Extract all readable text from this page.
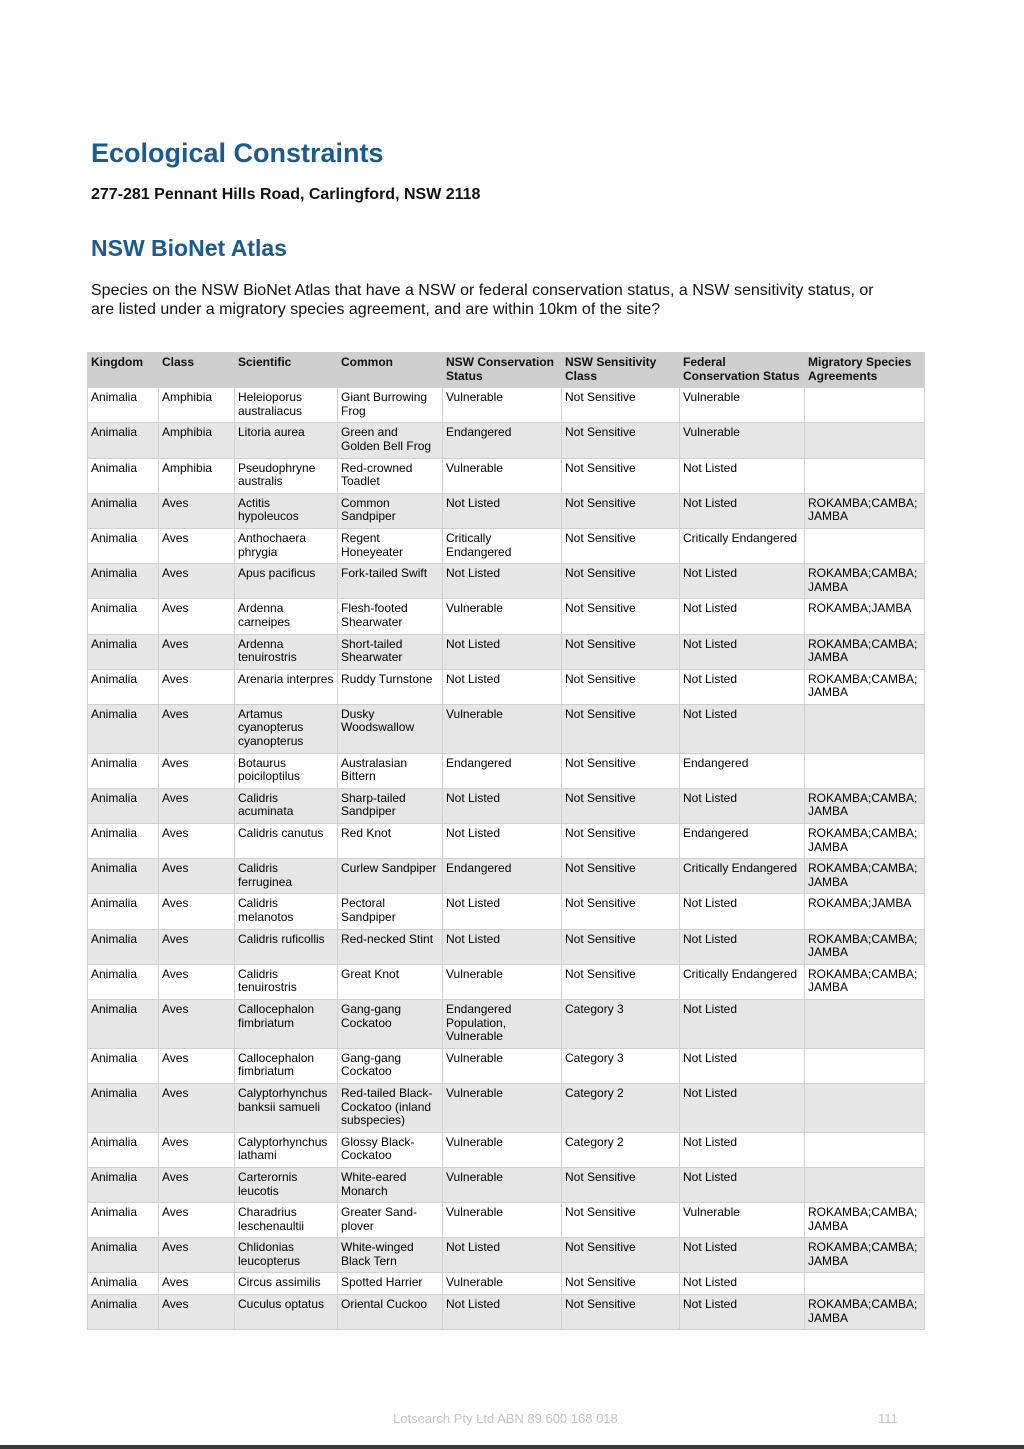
Ecological Constraints
277-281 Pennant Hills Road, Carlingford, NSW 2118
NSW BioNet Atlas

Species on the NSW BioNet Atlas that have a NSW or federal conservation status, a NSW sensitivity status, or are listed under a migratory species agreement, and are within 10km of the site?

Kingdom	Class	Scientific	Common	NSW Conservation Status	NSW Sensitivity Class	Federal Conservation Status	Migratory Species Agreements
Animalia	Amphibia	Heleioporus australiacus	Giant Burrowing Frog	Vulnerable	Not Sensitive	Vulnerable	
Animalia	Amphibia	Litoria aurea	Green and Golden Bell Frog	Endangered	Not Sensitive	Vulnerable	
Animalia	Amphibia	Pseudophryne australis	Red-crowned Toadlet	Vulnerable	Not Sensitive	Not Listed	
Animalia	Aves	Actitis hypoleucos	Common Sandpiper	Not Listed	Not Sensitive	Not Listed	ROKAMBA;CAMBA; JAMBA
Animalia	Aves	Anthochaera phrygia	Regent Honeyeater	Critically Endangered	Not Sensitive	Critically Endangered	
Animalia	Aves	Apus pacificus	Fork-tailed Swift	Not Listed	Not Sensitive	Not Listed	ROKAMBA;CAMBA; JAMBA
Animalia	Aves	Ardenna carneipes	Flesh-footed Shearwater	Vulnerable	Not Sensitive	Not Listed	ROKAMBA;JAMBA
Animalia	Aves	Ardenna tenuirostris	Short-tailed Shearwater	Not Listed	Not Sensitive	Not Listed	ROKAMBA;CAMBA; JAMBA
Animalia	Aves	Arenaria interpres	Ruddy Turnstone	Not Listed	Not Sensitive	Not Listed	ROKAMBA;CAMBA; JAMBA
Animalia	Aves	Artamus cyanopterus cyanopterus	Dusky Woodswallow	Vulnerable	Not Sensitive	Not Listed	
Animalia	Aves	Botaurus poiciloptilus	Australasian Bittern	Endangered	Not Sensitive	Endangered	
Animalia	Aves	Calidris acuminata	Sharp-tailed Sandpiper	Not Listed	Not Sensitive	Not Listed	ROKAMBA;CAMBA; JAMBA
Animalia	Aves	Calidris canutus	Red Knot	Not Listed	Not Sensitive	Endangered	ROKAMBA;CAMBA; JAMBA
Animalia	Aves	Calidris ferruginea	Curlew Sandpiper	Endangered	Not Sensitive	Critically Endangered	ROKAMBA;CAMBA; JAMBA
Animalia	Aves	Calidris melanotos	Pectoral Sandpiper	Not Listed	Not Sensitive	Not Listed	ROKAMBA;JAMBA
Animalia	Aves	Calidris ruficollis	Red-necked Stint	Not Listed	Not Sensitive	Not Listed	ROKAMBA;CAMBA; JAMBA
Animalia	Aves	Calidris tenuirostris	Great Knot	Vulnerable	Not Sensitive	Critically Endangered	ROKAMBA;CAMBA; JAMBA
Animalia	Aves	Callocephalon fimbriatum	Gang-gang Cockatoo	Endangered Population, Vulnerable	Category 3	Not Listed	
Animalia	Aves	Callocephalon fimbriatum	Gang-gang Cockatoo	Vulnerable	Category 3	Not Listed	
Animalia	Aves	Calyptorhynchus banksii samueli	Red-tailed Black-Cockatoo (inland subspecies)	Vulnerable	Category 2	Not Listed	
Animalia	Aves	Calyptorhynchus lathami	Glossy Black-Cockatoo	Vulnerable	Category 2	Not Listed	
Animalia	Aves	Carterornis leucotis	White-eared Monarch	Vulnerable	Not Sensitive	Not Listed	
Animalia	Aves	Charadrius leschenaultii	Greater Sand-plover	Vulnerable	Not Sensitive	Vulnerable	ROKAMBA;CAMBA; JAMBA
Animalia	Aves	Chlidonias leucopterus	White-winged Black Tern	Not Listed	Not Sensitive	Not Listed	ROKAMBA;CAMBA; JAMBA
Animalia	Aves	Circus assimilis	Spotted Harrier	Vulnerable	Not Sensitive	Not Listed	
Animalia	Aves	Cuculus optatus	Oriental Cuckoo	Not Listed	Not Sensitive	Not Listed	ROKAMBA;CAMBA; JAMBA
Lotsearch Pty Ltd ABN 89 600 168 018	111
